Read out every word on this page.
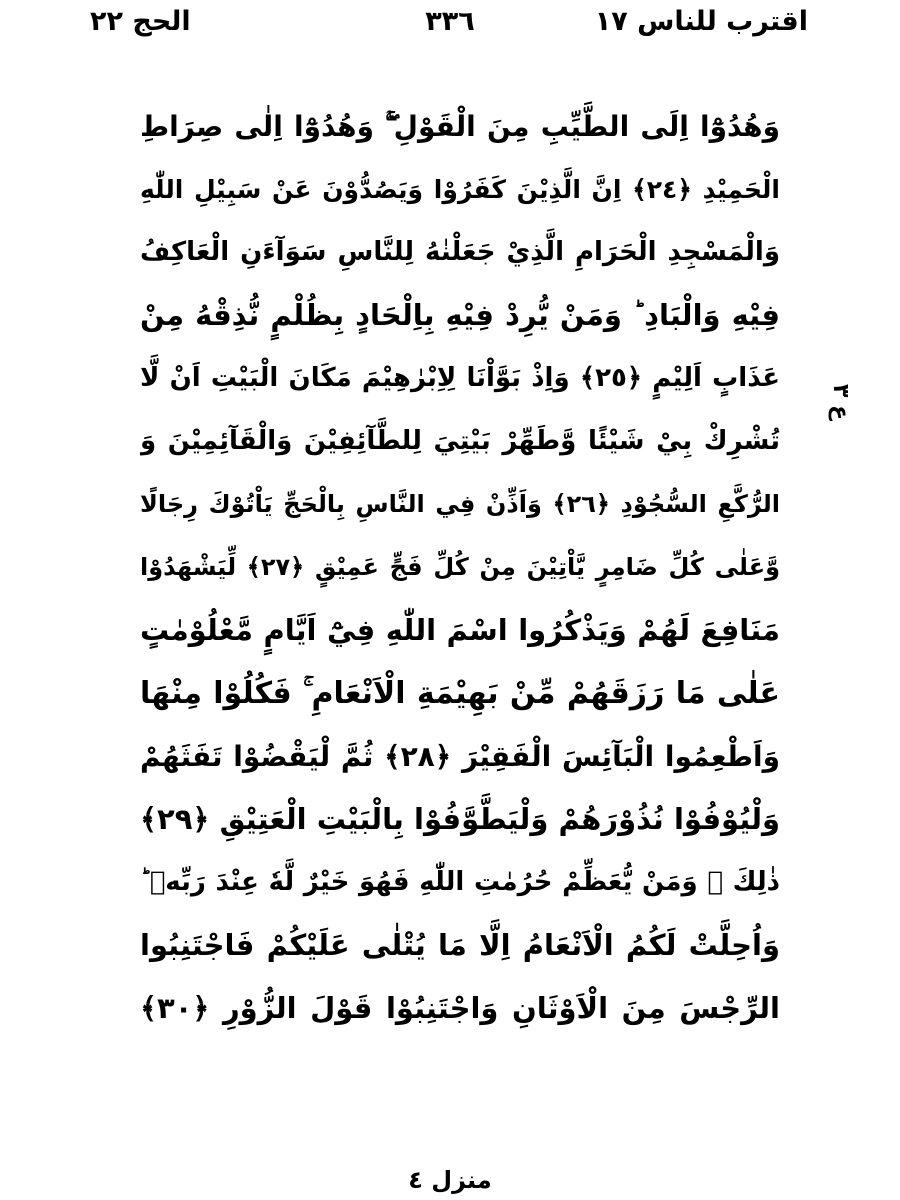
اقترب للناس ١٧
٣٣٦
الحج ٢٢
وَهُدُوْٓا اِلَى الطَّيِّبِ مِنَ الْقَوْلِ ۚۖ وَهُدُوْٓا اِلٰى صِرَاطِ
الْحَمِيْدِ ﴿٢٤﴾ اِنَّ الَّذِيْنَ كَفَرُوْا وَيَصُدُّوْنَ عَنْ سَبِيْلِ اللّٰهِ
وَالْمَسْجِدِ الْحَرَامِ الَّذِيْ جَعَلْنٰهُ لِلنَّاسِ سَوَآءَنِ الْعَاكِفُ
فِيْهِ وَالْبَادِ ؕ وَمَنْ يُّرِدْ فِيْهِ بِاِلْحَادٍ بِظُلْمٍ نُّذِقْهُ مِنْ
عَذَابٍ اَلِيْمٍ ﴿٢٥﴾ وَاِذْ بَوَّاْنَا لِاِبْرٰهِيْمَ مَكَانَ الْبَيْتِ اَنْ لَّا
تُشْرِكْ بِيْ شَيْئًا وَّطَهِّرْ بَيْتِيَ لِلطَّآئِفِيْنَ وَالْقَآئِمِيْنَ وَ
الرُّكَّعِ السُّجُوْدِ ﴿٢٦﴾ وَاَذِّنْ فِي النَّاسِ بِالْحَجِّ يَاْتُوْكَ رِجَالًا
وَّعَلٰى كُلِّ ضَامِرٍ يَّاْتِيْنَ مِنْ كُلِّ فَجٍّ عَمِيْقٍ ﴿٢٧﴾ لِّيَشْهَدُوْا
مَنَافِعَ لَهُمْ وَيَذْكُرُوا اسْمَ اللّٰهِ فِيْٓ اَيَّامٍ مَّعْلُوْمٰتٍ
عَلٰى مَا رَزَقَهُمْ مِّنْ بَهِيْمَةِ الْاَنْعَامِ ۚ فَكُلُوْا مِنْهَا
وَاَطْعِمُوا الْبَآئِسَ الْفَقِيْرَ ﴿٢٨﴾ ثُمَّ لْيَقْضُوْا تَفَثَهُمْ
وَلْيُوْفُوْا نُذُوْرَهُمْ وَلْيَطَّوَّفُوْا بِالْبَيْتِ الْعَتِيْقِ ﴿٢٩﴾
ذٰلِكَ ۗ وَمَنْ يُّعَظِّمْ حُرُمٰتِ اللّٰهِ فَهُوَ خَيْرٌ لَّهٗ عِنْدَ رَبِّهٖ ؕ
وَاُحِلَّتْ لَكُمُ الْاَنْعَامُ اِلَّا مَا يُتْلٰى عَلَيْكُمْ فَاجْتَنِبُوا
الرِّجْسَ مِنَ الْاَوْثَانِ وَاجْتَنِبُوْا قَوْلَ الزُّوْرِ ﴿٣٠﴾
ع ٣
منزل ٤
